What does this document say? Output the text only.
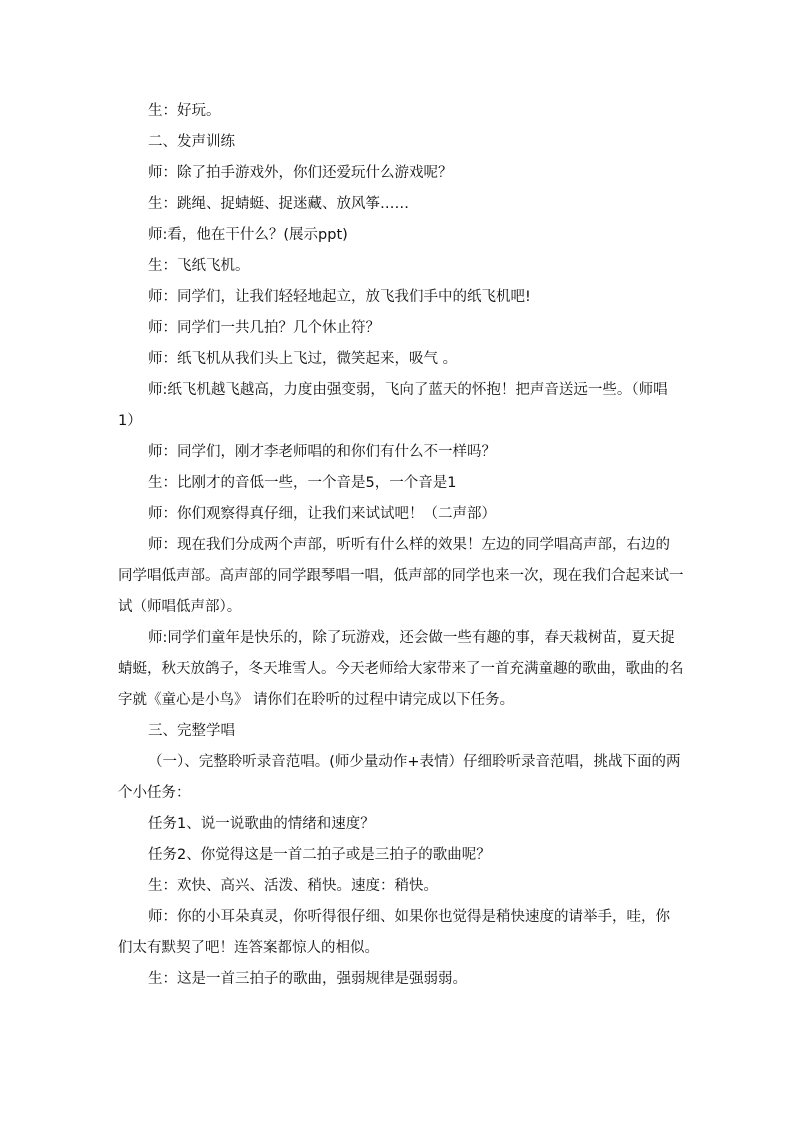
生：好玩。

二、发声训练

师：除了拍手游戏外，你们还爱玩什么游戏呢？

生：跳绳、捉蜻蜓、捉迷藏、放风筝……

师:看，他在干什么？(展示ppt)

生：飞纸飞机。

师：同学们，让我们轻轻地起立，放飞我们手中的纸飞机吧!

师：同学们一共几拍？几个休止符？

师：纸飞机从我们头上飞过，微笑起来，吸气 。

师:纸飞机越飞越高，力度由强变弱，飞向了蓝天的怀抱！把声音送远一些。（师唱1）

师：同学们，刚才李老师唱的和你们有什么不一样吗？

生：比刚才的音低一些，一个音是5，一个音是1

师：你们观察得真仔细，让我们来试试吧！（二声部）

师：现在我们分成两个声部，听听有什么样的效果！左边的同学唱高声部，右边的同学唱低声部。高声部的同学跟琴唱一唱，低声部的同学也来一次，现在我们合起来试一试（师唱低声部）。

师:同学们童年是快乐的，除了玩游戏，还会做一些有趣的事，春天栽树苗，夏天捉蜻蜓，秋天放鸽子，冬天堆雪人。今天老师给大家带来了一首充满童趣的歌曲，歌曲的名字就《童心是小鸟》 请你们在聆听的过程中请完成以下任务。

三、完整学唱

（一）、完整聆听录音范唱。(师少量动作+表情）仔细聆听录音范唱，挑战下面的两个小任务：

任务1、说一说歌曲的情绪和速度？

任务2、你觉得这是一首二拍子或是三拍子的歌曲呢？

生：欢快、高兴、活泼、稍快。速度：稍快。

师：你的小耳朵真灵，你听得很仔细、如果你也觉得是稍快速度的请举手，哇，你们太有默契了吧！连答案都惊人的相似。

生：这是一首三拍子的歌曲，强弱规律是强弱弱。
